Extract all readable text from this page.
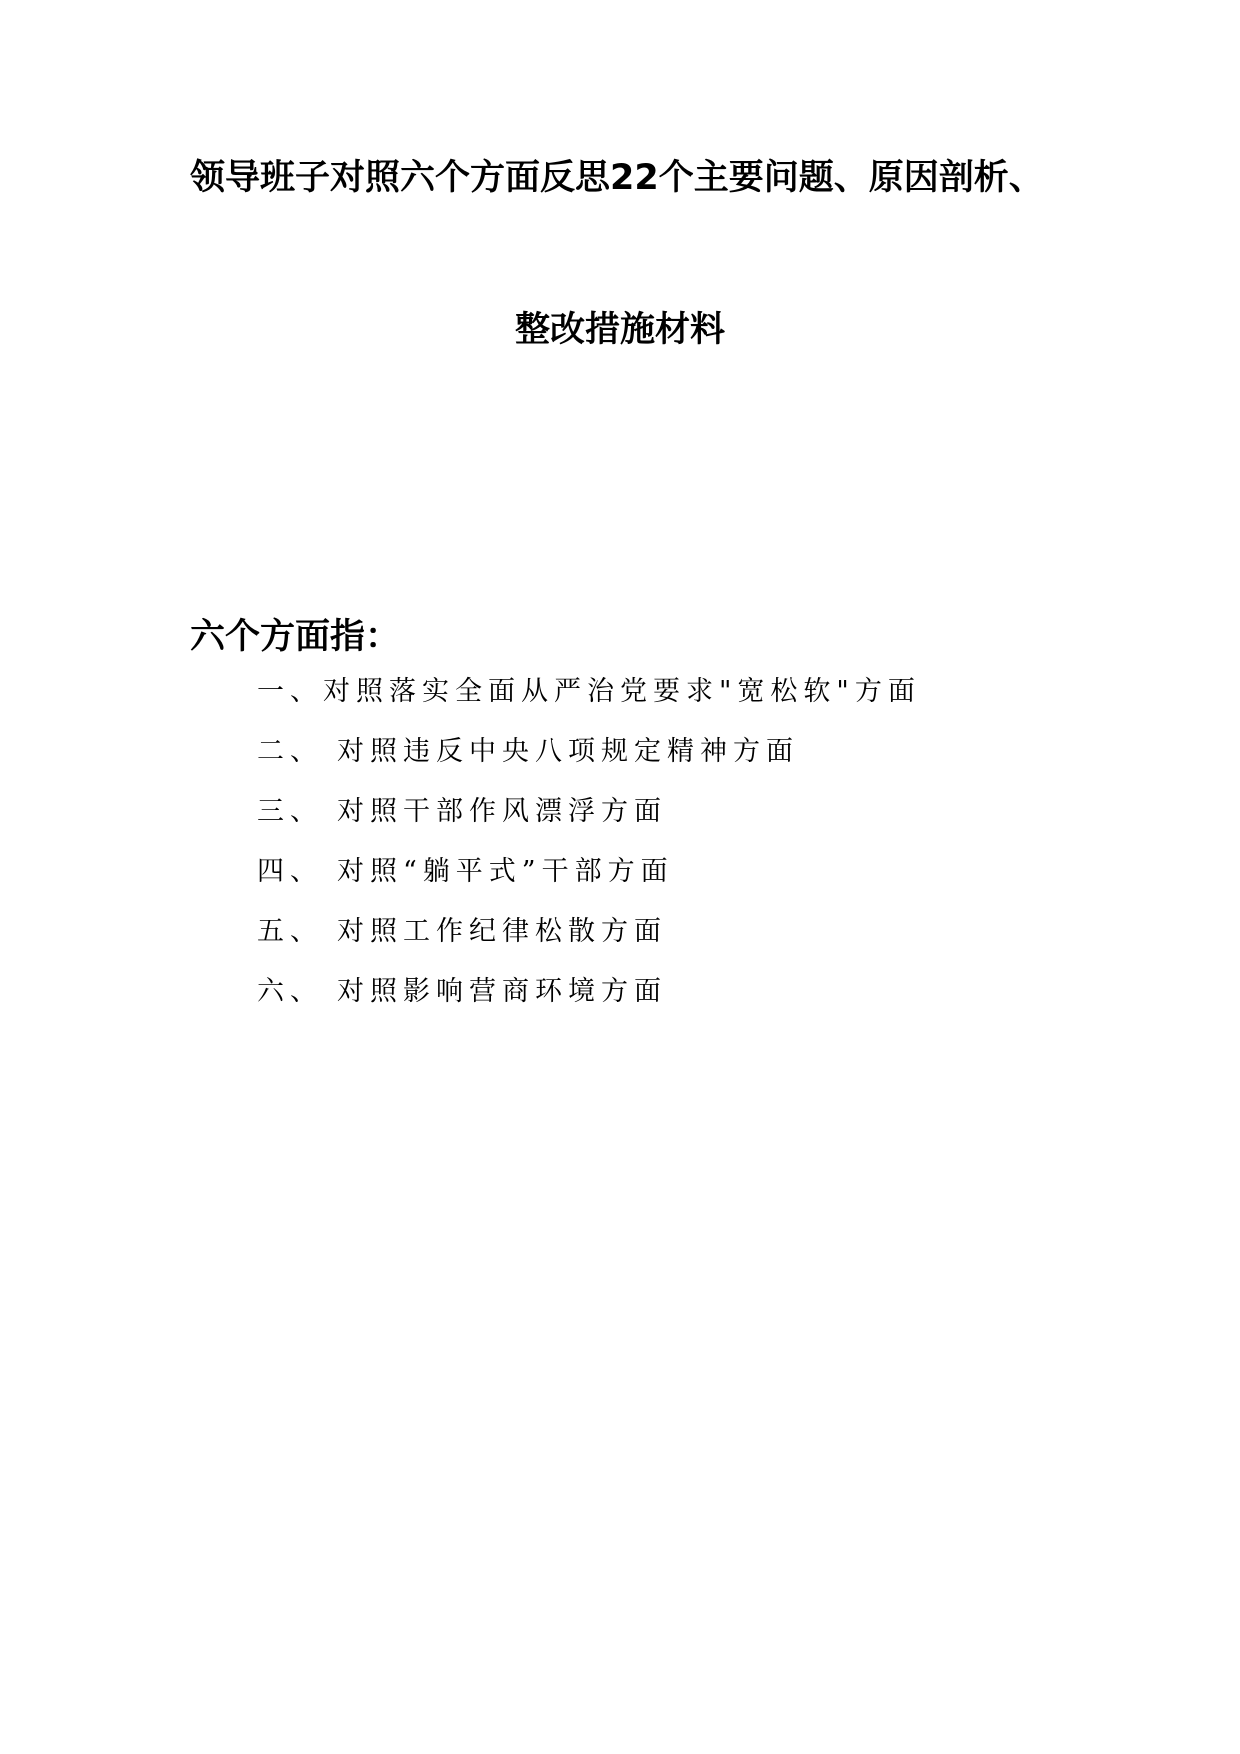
领导班子对照六个方面反思22个主要问题、原因剖析、
整改措施材料
六个方面指：
一、对照落实全面从严治党要求"宽松软"方面
二、 对照违反中央八项规定精神方面
三、 对照干部作风漂浮方面
四、 对照“躺平式”干部方面
五、 对照工作纪律松散方面
六、 对照影响营商环境方面
